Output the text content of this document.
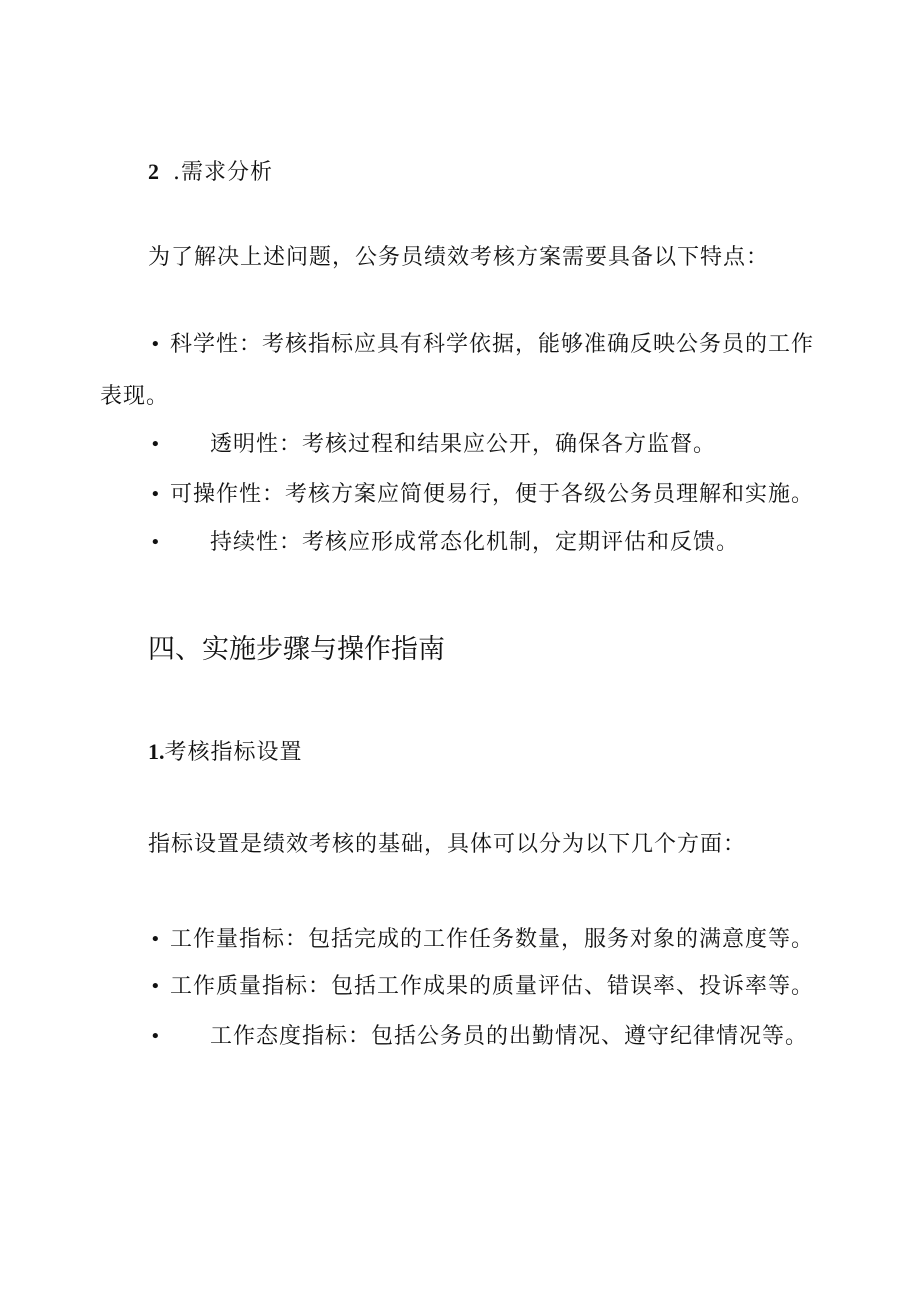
2 .需求分析
为了解决上述问题，公务员绩效考核方案需要具备以下特点：
• 科学性：考核指标应具有科学依据，能够准确反映公务员的工作
表现。
• 透明性：考核过程和结果应公开，确保各方监督。
• 可操作性：考核方案应简便易行，便于各级公务员理解和实施。
• 持续性：考核应形成常态化机制，定期评估和反馈。
四、实施步骤与操作指南
1.考核指标设置
指标设置是绩效考核的基础，具体可以分为以下几个方面：
• 工作量指标：包括完成的工作任务数量，服务对象的满意度等。
• 工作质量指标：包括工作成果的质量评估、错误率、投诉率等。
• 工作态度指标：包括公务员的出勤情况、遵守纪律情况等。
